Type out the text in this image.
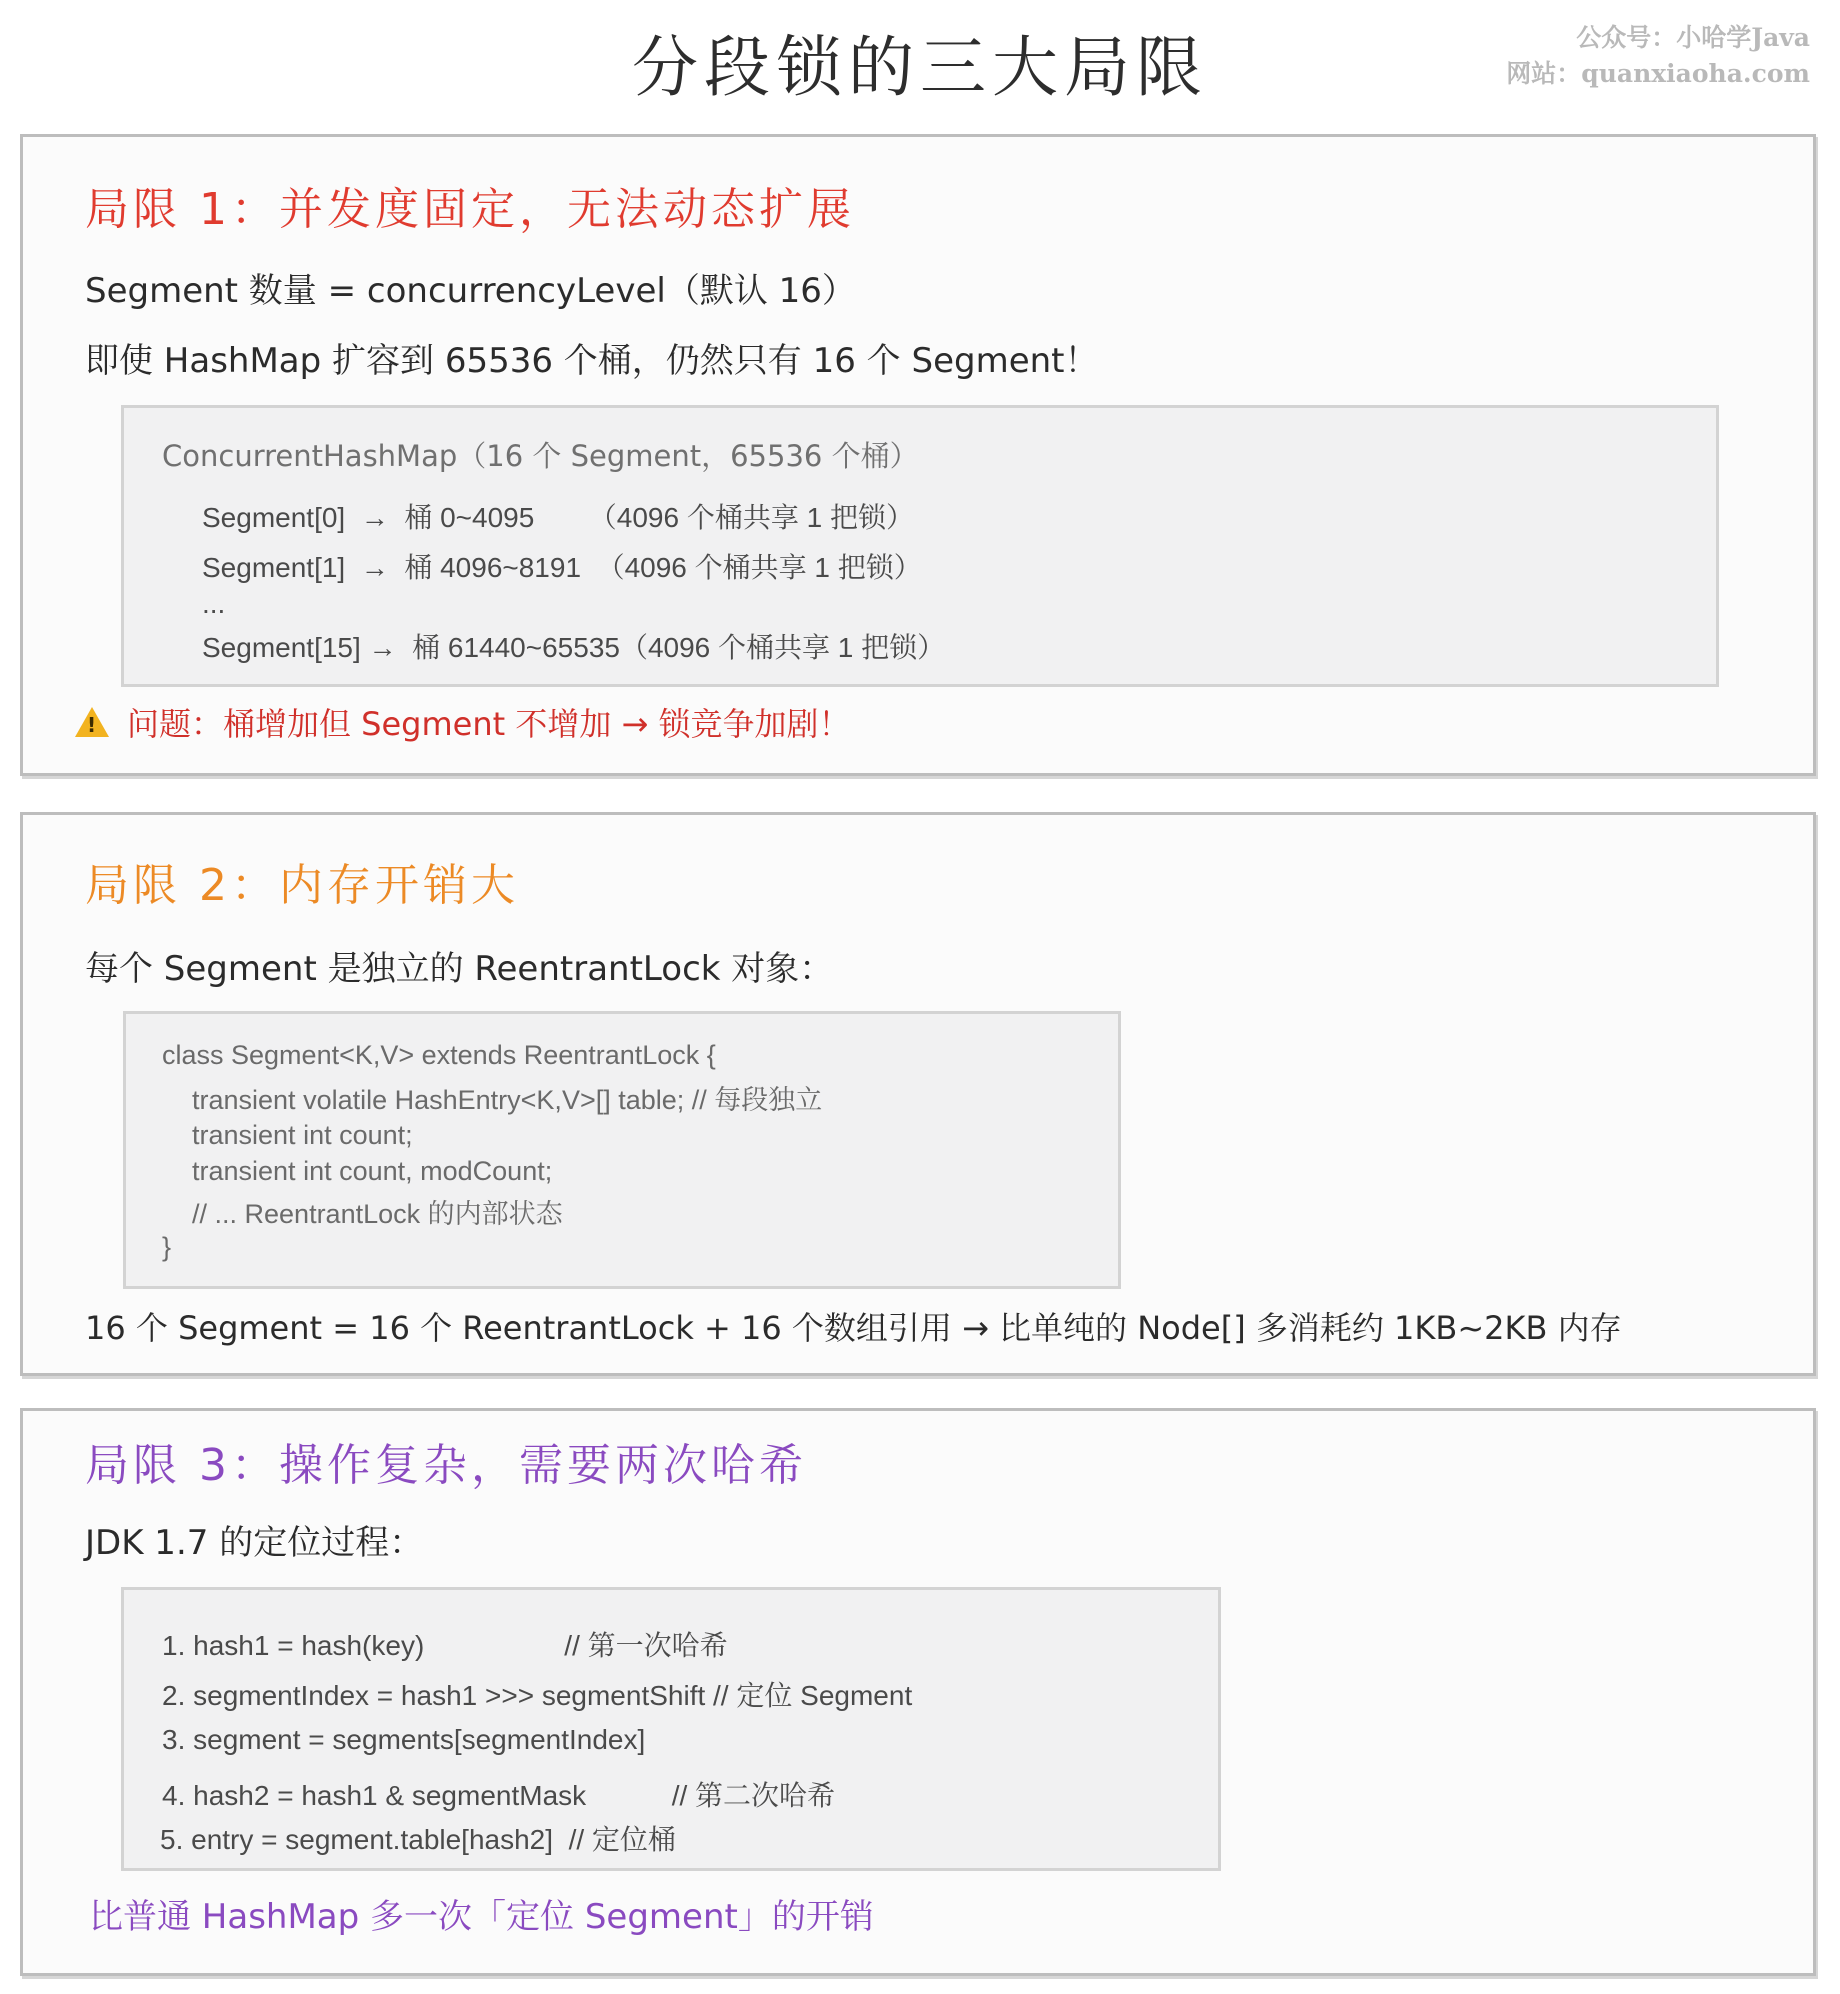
分段锁的三大局限	公众号：小哈学Java
网站：quanxiaoha.com
局限 1：并发度固定，无法动态扩展
Segment 数量 = concurrencyLevel（默认 16）
即使 HashMap 扩容到 65536 个桶，仍然只有 16 个 Segment！
ConcurrentHashMap（16 个 Segment，65536 个桶）
Segment[0]  →  桶 0~4095       （4096 个桶共享 1 把锁）
Segment[1]  →  桶 4096~8191  （4096 个桶共享 1 把锁）
...
Segment[15] →  桶 61440~65535（4096 个桶共享 1 把锁）
!问题：桶增加但 Segment 不增加 → 锁竞争加剧！
局限 2：内存开销大
每个 Segment 是独立的 ReentrantLock 对象：
class Segment<K,V> extends ReentrantLock {
transient volatile HashEntry<K,V>[] table; // 每段独立
transient int count;
transient int count, modCount;
// ... ReentrantLock 的内部状态
}
16 个 Segment = 16 个 ReentrantLock + 16 个数组引用 → 比单纯的 Node[] 多消耗约 1KB~2KB 内存
局限 3：操作复杂，需要两次哈希
JDK 1.7 的定位过程：
1. hash1 = hash(key)                  // 第一次哈希
2. segmentIndex = hash1 >>> segmentShift // 定位 Segment
3. segment = segments[segmentIndex]
4. hash2 = hash1 & segmentMask           // 第二次哈希
5. entry = segment.table[hash2]  // 定位桶
比普通 HashMap 多一次「定位 Segment」的开销
